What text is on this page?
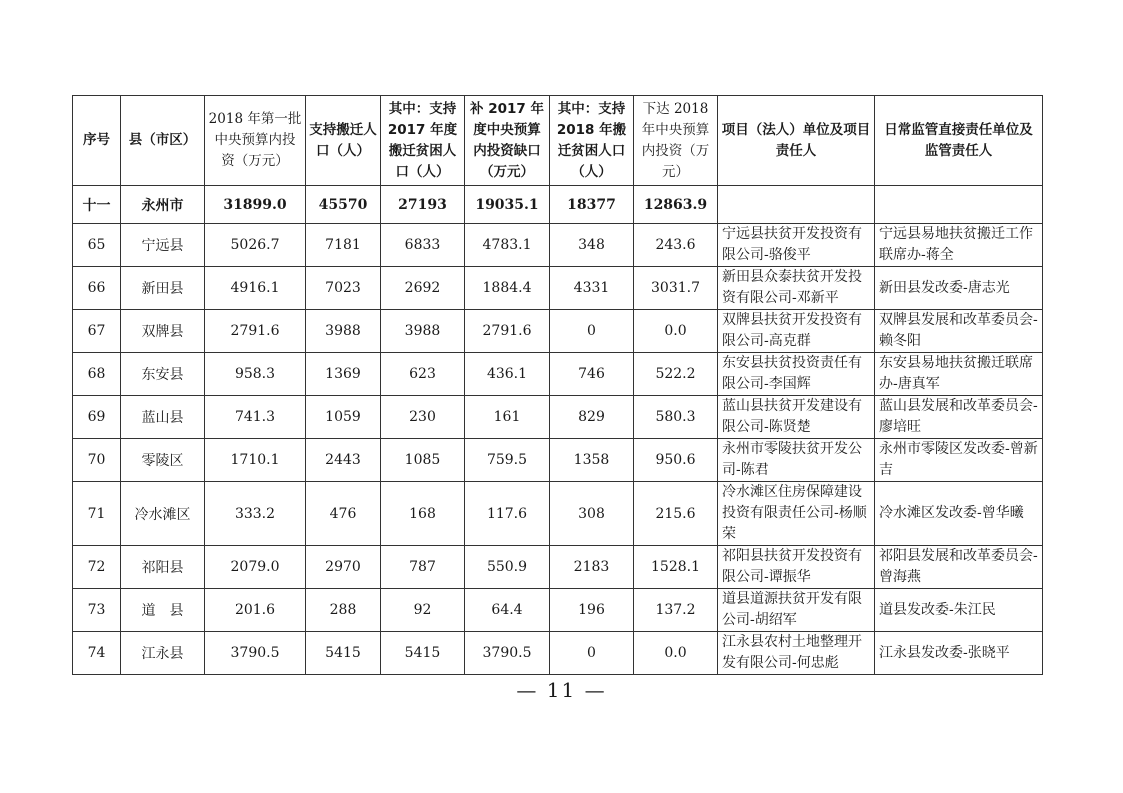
序号	县（市区）	2018 年第一批中央预算内投资（万元）	支持搬迁人口（人）	其中：支持2017 年度搬迁贫困人口（人）	补 2017 年度中央预算内投资缺口（万元）	其中：支持2018 年搬迁贫困人口（人）	下达 2018 年中央预算内投资（万元）	项目（法人）单位及项目责任人	日常监管直接责任单位及监管责任人
十一	永州市	31899.0	45570	27193	19035.1	18377	12863.9		
65	宁远县	5026.7	7181	6833	4783.1	348	243.6	宁远县扶贫开发投资有限公司-骆俊平	宁远县易地扶贫搬迁工作联席办-蒋全
66	新田县	4916.1	7023	2692	1884.4	4331	3031.7	新田县众泰扶贫开发投资有限公司-邓新平	新田县发改委-唐志光
67	双牌县	2791.6	3988	3988	2791.6	0	0.0	双牌县扶贫开发投资有限公司-高克群	双牌县发展和改革委员会-赖冬阳
68	东安县	958.3	1369	623	436.1	746	522.2	东安县扶贫投资责任有限公司-李国辉	东安县易地扶贫搬迁联席办-唐真军
69	蓝山县	741.3	1059	230	161	829	580.3	蓝山县扶贫开发建设有限公司-陈贤楚	蓝山县发展和改革委员会-廖培旺
70	零陵区	1710.1	2443	1085	759.5	1358	950.6	永州市零陵扶贫开发公司-陈君	永州市零陵区发改委-曾新吉
71	冷水滩区	333.2	476	168	117.6	308	215.6	冷水滩区住房保障建设投资有限责任公司-杨顺荣	冷水滩区发改委-曾华曦
72	祁阳县	2079.0	2970	787	550.9	2183	1528.1	祁阳县扶贫开发投资有限公司-谭振华	祁阳县发展和改革委员会-曾海燕
73	道　县	201.6	288	92	64.4	196	137.2	道县道源扶贫开发有限公司-胡绍军	道县发改委-朱江民
74	江永县	3790.5	5415	5415	3790.5	0	0.0	江永县农村土地整理开发有限公司-何忠彪	江永县发改委-张晓平
— 11 —
